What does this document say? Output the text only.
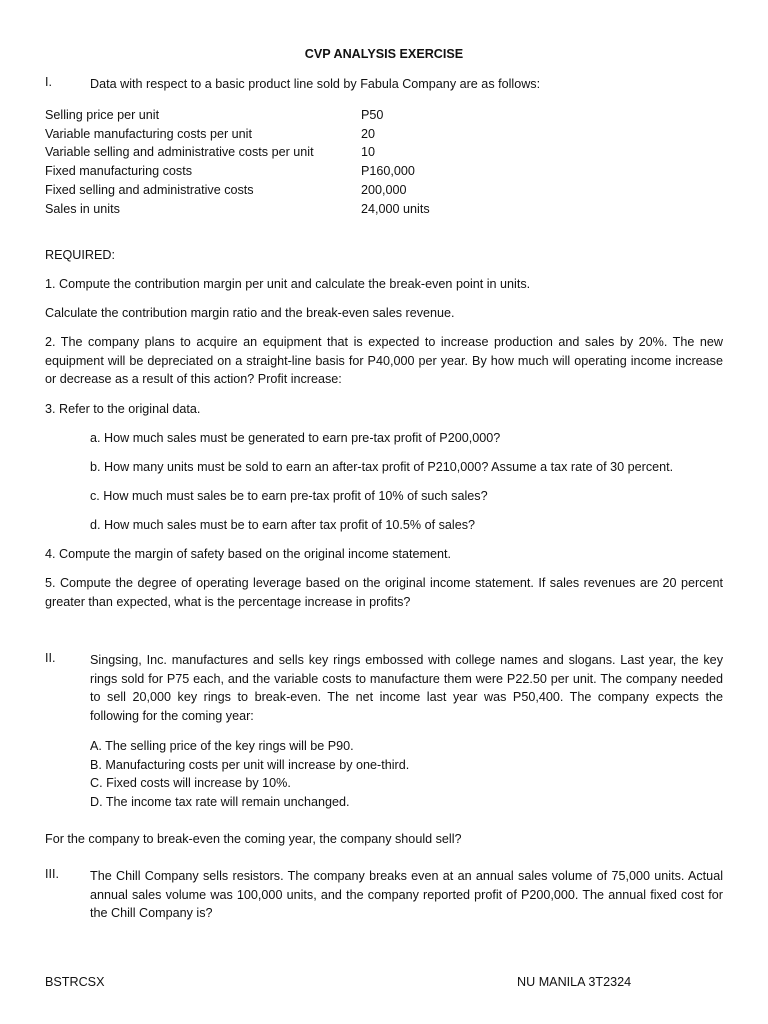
CVP ANALYSIS EXERCISE
I.	Data with respect to a basic product line sold by Fabula Company are as follows:
Selling price per unit	P50
Variable manufacturing costs per unit	20
Variable selling and administrative costs per unit	10
Fixed manufacturing costs	P160,000
Fixed selling and administrative costs	200,000
Sales in units	24,000 units
REQUIRED:
1. Compute the contribution margin per unit and calculate the break-even point in units.
Calculate the contribution margin ratio and the break-even sales revenue.
2. The company plans to acquire an equipment that is expected to increase production and sales by 20%. The new equipment will be depreciated on a straight-line basis for P40,000 per year. By how much will operating income increase or decrease as a result of this action? Profit increase:
3. Refer to the original data.
a. How much sales must be generated to earn pre-tax profit of P200,000?
b. How many units must be sold to earn an after-tax profit of P210,000? Assume a tax rate of 30 percent.
c. How much must sales be to earn pre-tax profit of 10% of such sales?
d. How much sales must be to earn after tax profit of 10.5% of sales?
4. Compute the margin of safety based on the original income statement.
5. Compute the degree of operating leverage based on the original income statement. If sales revenues are 20 percent greater than expected, what is the percentage increase in profits?
II.	Singsing, Inc. manufactures and sells key rings embossed with college names and slogans. Last year, the key rings sold for P75 each, and the variable costs to manufacture them were P22.50 per unit. The company needed to sell 20,000 key rings to break-even. The net income last year was P50,400. The company expects the following for the coming year:
A. The selling price of the key rings will be P90.
B. Manufacturing costs per unit will increase by one-third.
C. Fixed costs will increase by 10%.
D. The income tax rate will remain unchanged.
For the company to break-even the coming year, the company should sell?
III. The Chill Company sells resistors. The company breaks even at an annual sales volume of 75,000 units. Actual annual sales volume was 100,000 units, and the company reported profit of P200,000. The annual fixed cost for the Chill Company is?
BSTRCSX	NU MANILA 3T2324
